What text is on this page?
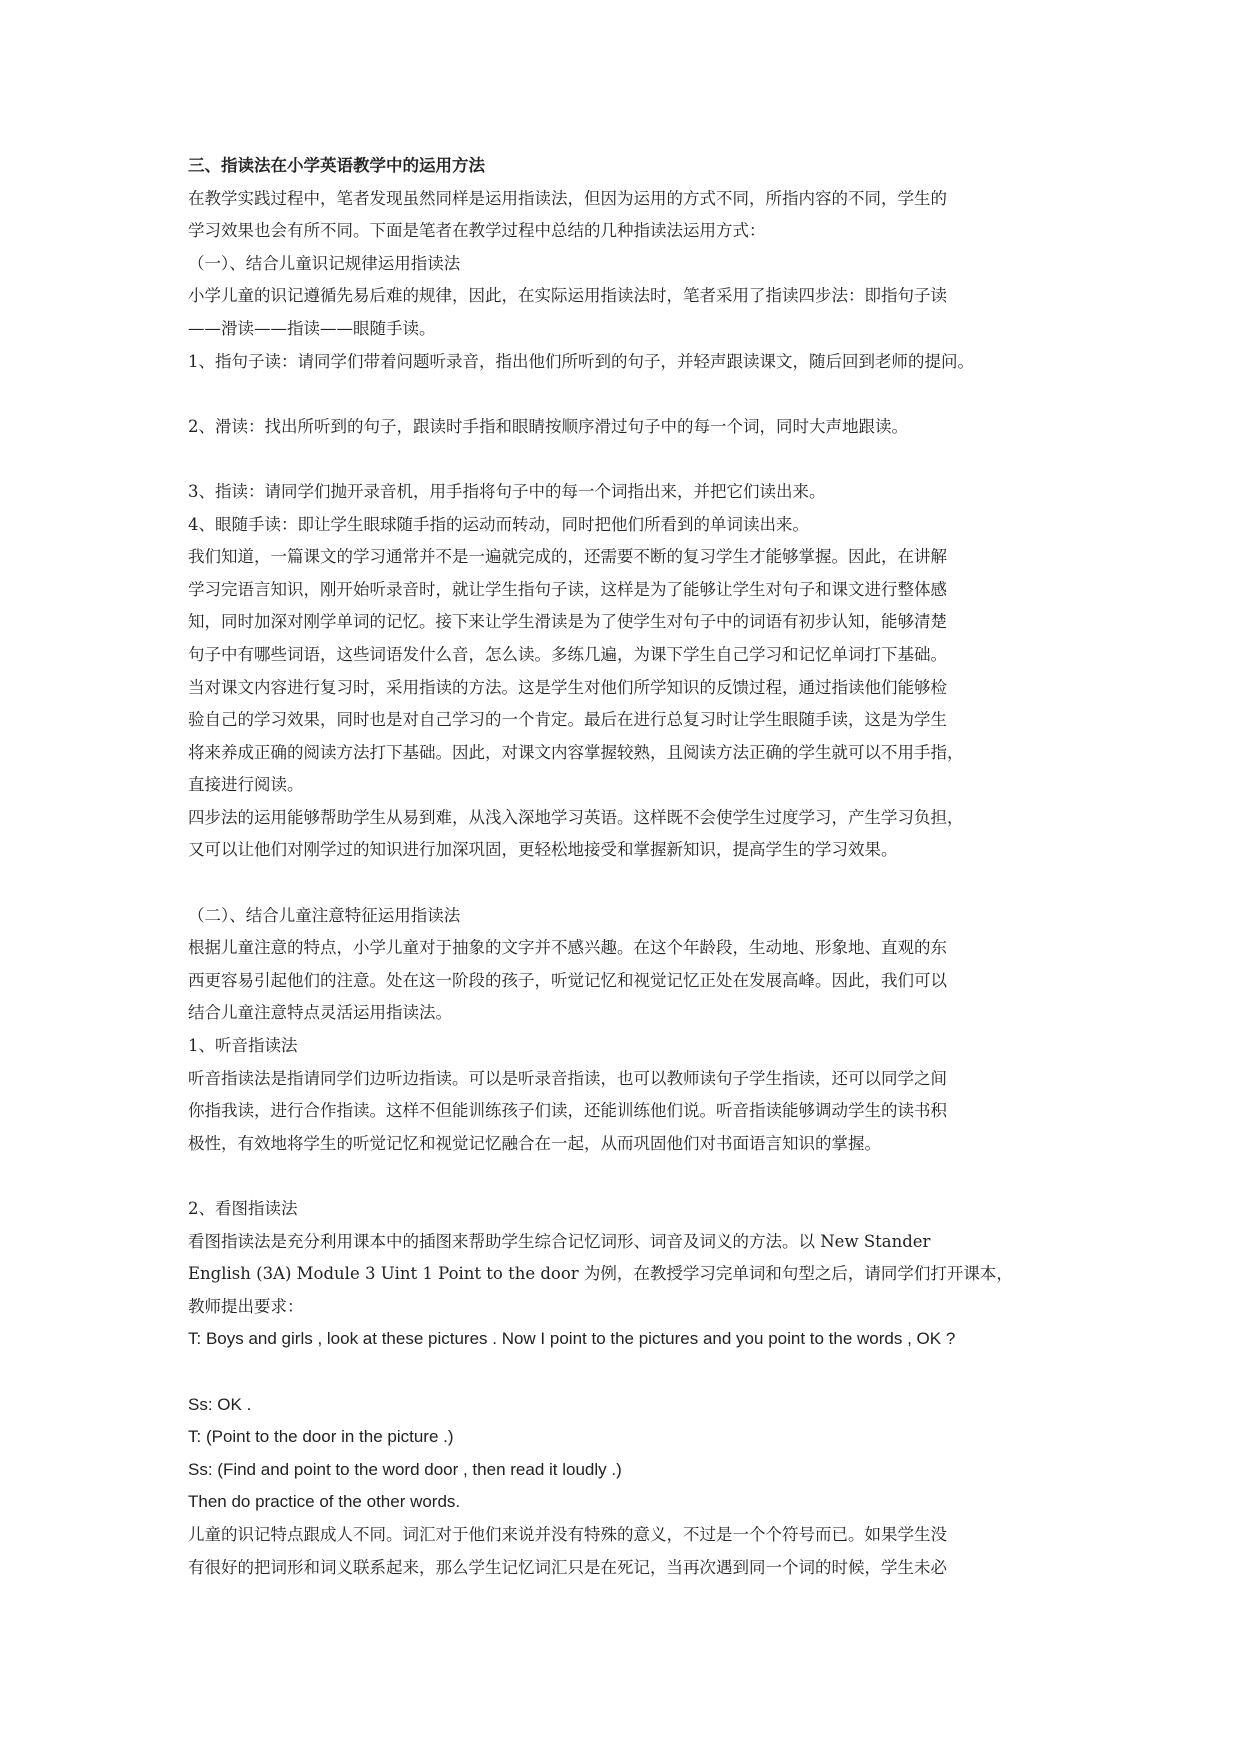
三、指读法在小学英语教学中的运用方法
在教学实践过程中，笔者发现虽然同样是运用指读法，但因为运用的方式不同，所指内容的不同，学生的
学习效果也会有所不同。下面是笔者在教学过程中总结的几种指读法运用方式：
（一）、结合儿童识记规律运用指读法
小学儿童的识记遵循先易后难的规律，因此，在实际运用指读法时，笔者采用了指读四步法：即指句子读
——滑读——指读——眼随手读。
1、指句子读：请同学们带着问题听录音，指出他们所听到的句子，并轻声跟读课文，随后回到老师的提问。
2、滑读：找出所听到的句子，跟读时手指和眼睛按顺序滑过句子中的每一个词，同时大声地跟读。
3、指读：请同学们抛开录音机，用手指将句子中的每一个词指出来，并把它们读出来。
4、眼随手读：即让学生眼球随手指的运动而转动，同时把他们所看到的单词读出来。
我们知道，一篇课文的学习通常并不是一遍就完成的，还需要不断的复习学生才能够掌握。因此，在讲解
学习完语言知识，刚开始听录音时，就让学生指句子读，这样是为了能够让学生对句子和课文进行整体感
知，同时加深对刚学单词的记忆。接下来让学生滑读是为了使学生对句子中的词语有初步认知，能够清楚
句子中有哪些词语，这些词语发什么音，怎么读。多练几遍，为课下学生自己学习和记忆单词打下基础。
当对课文内容进行复习时，采用指读的方法。这是学生对他们所学知识的反馈过程，通过指读他们能够检
验自己的学习效果，同时也是对自己学习的一个肯定。最后在进行总复习时让学生眼随手读，这是为学生
将来养成正确的阅读方法打下基础。因此，对课文内容掌握较熟，且阅读方法正确的学生就可以不用手指，
直接进行阅读。
四步法的运用能够帮助学生从易到难，从浅入深地学习英语。这样既不会使学生过度学习，产生学习负担，
又可以让他们对刚学过的知识进行加深巩固，更轻松地接受和掌握新知识，提高学生的学习效果。
（二）、结合儿童注意特征运用指读法
根据儿童注意的特点，小学儿童对于抽象的文字并不感兴趣。在这个年龄段，生动地、形象地、直观的东
西更容易引起他们的注意。处在这一阶段的孩子，听觉记忆和视觉记忆正处在发展高峰。因此，我们可以
结合儿童注意特点灵活运用指读法。
1、听音指读法
听音指读法是指请同学们边听边指读。可以是听录音指读，也可以教师读句子学生指读，还可以同学之间
你指我读，进行合作指读。这样不但能训练孩子们读，还能训练他们说。听音指读能够调动学生的读书积
极性，有效地将学生的听觉记忆和视觉记忆融合在一起，从而巩固他们对书面语言知识的掌握。
2、看图指读法
看图指读法是充分利用课本中的插图来帮助学生综合记忆词形、词音及词义的方法。以 New Stander
English (3A) Module 3 Uint 1 Point to the door 为例，在教授学习完单词和句型之后，请同学们打开课本，
教师提出要求：
T: Boys and girls , look at these pictures . Now I point to the pictures and you point to the words , OK ?
Ss: OK .
T: (Point to the door in the picture .)
Ss: (Find and point to the word door , then read it loudly .)
Then do practice of the other words.
儿童的识记特点跟成人不同。词汇对于他们来说并没有特殊的意义，不过是一个个符号而已。如果学生没
有很好的把词形和词义联系起来，那么学生记忆词汇只是在死记，当再次遇到同一个词的时候，学生未必
